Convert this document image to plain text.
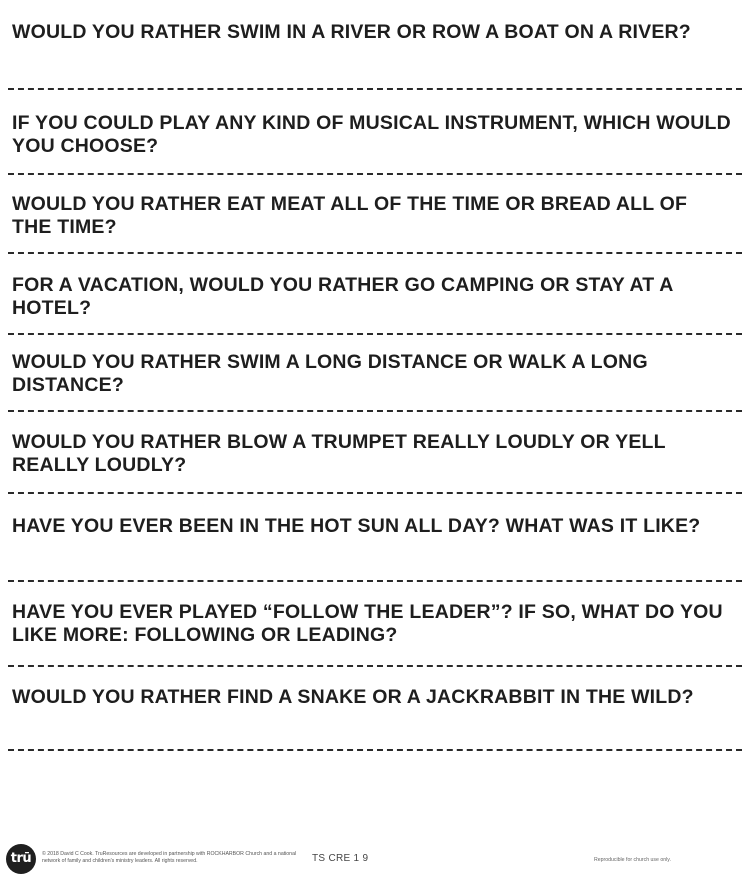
WOULD YOU RATHER SWIM IN A RIVER OR ROW A BOAT ON A RIVER?
IF YOU COULD PLAY ANY KIND OF MUSICAL INSTRUMENT, WHICH WOULD YOU CHOOSE?
WOULD YOU RATHER EAT MEAT ALL OF THE TIME OR BREAD ALL OF THE TIME?
FOR A VACATION, WOULD YOU RATHER GO CAMPING OR STAY AT A HOTEL?
WOULD YOU RATHER SWIM A LONG DISTANCE OR WALK A LONG DISTANCE?
WOULD YOU RATHER BLOW A TRUMPET REALLY LOUDLY OR YELL REALLY LOUDLY?
HAVE YOU EVER BEEN IN THE HOT SUN ALL DAY? WHAT WAS IT LIKE?
HAVE YOU EVER PLAYED “FOLLOW THE LEADER”? IF SO, WHAT DO YOU LIKE MORE: FOLLOWING OR LEADING?
WOULD YOU RATHER FIND A SNAKE OR A JACKRABBIT IN THE WILD?
trū	© 2018 David C Cook. TruResources are developed in partnership with ROCKHARBOR Church and a national network of family and children's ministry leaders. All rights reserved.	TS CRE 1 9	Reproducible for church use only.
